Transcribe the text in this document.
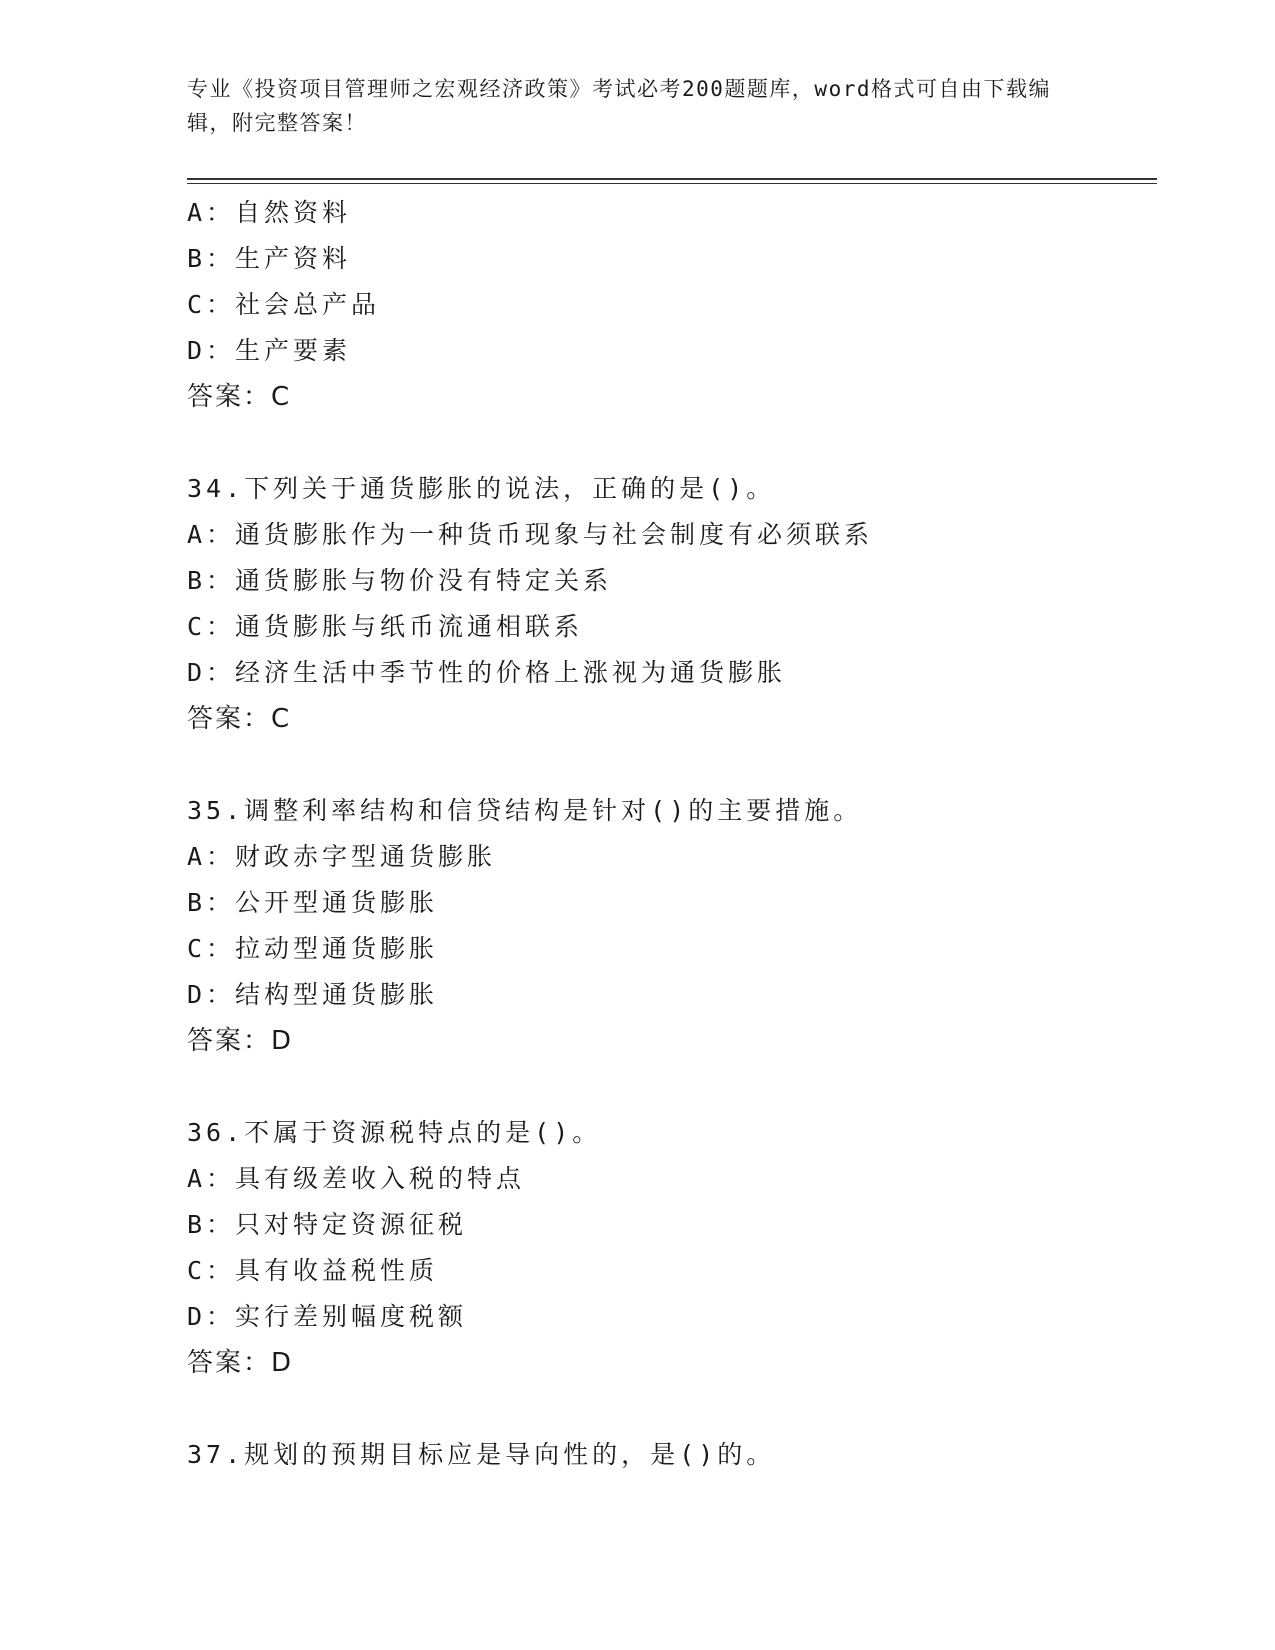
专业《投资项目管理师之宏观经济政策》考试必考200题题库，word格式可自由下载编辑，附完整答案！
A：自然资料
B：生产资料
C：社会总产品
D：生产要素
答案：C
34.下列关于通货膨胀的说法，正确的是()。
A：通货膨胀作为一种货币现象与社会制度有必须联系
B：通货膨胀与物价没有特定关系
C：通货膨胀与纸币流通相联系
D：经济生活中季节性的价格上涨视为通货膨胀
答案：C
35.调整利率结构和信贷结构是针对()的主要措施。
A：财政赤字型通货膨胀
B：公开型通货膨胀
C：拉动型通货膨胀
D：结构型通货膨胀
答案：D
36.不属于资源税特点的是()。
A：具有级差收入税的特点
B：只对特定资源征税
C：具有收益税性质
D：实行差别幅度税额
答案：D
37.规划的预期目标应是导向性的，是()的。
